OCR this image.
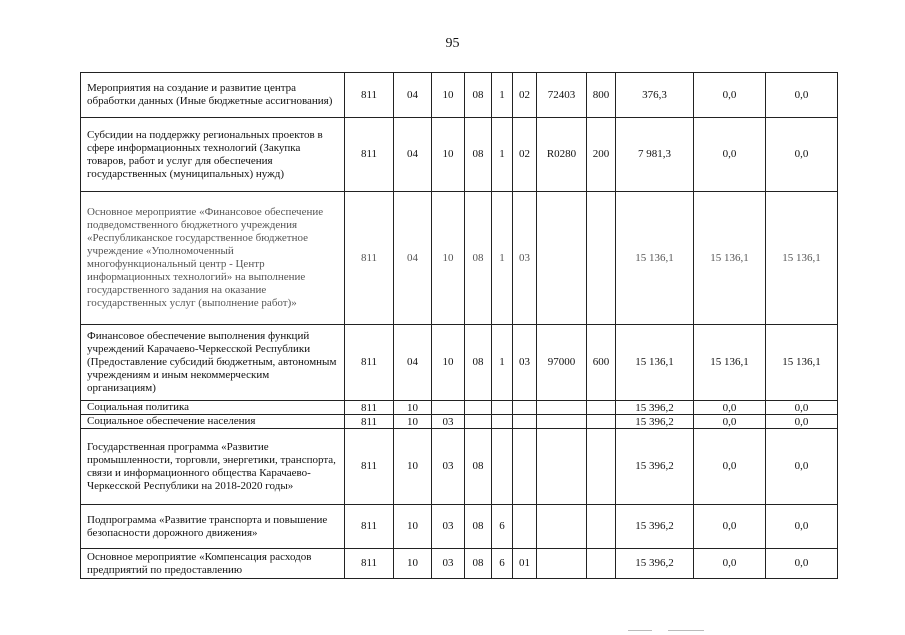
95
Мероприятия на создание и развитие центра обработки данных (Иные бюджетные ассигнования)	811	04	10	08	1	02	72403	800	376,3	0,0	0,0
Субсидии на поддержку региональных проектов в сфере информационных технологий (Закупка товаров, работ и услуг для обеспечения государственных (муниципальных) нужд)	811	04	10	08	1	02	R0280	200	7 981,3	0,0	0,0
Основное мероприятие «Финансовое обеспечение подведомственного бюджетного учреждения «Республиканское государственное бюджетное учреждение «Уполномоченный многофункциональный центр - Центр информационных технологий» на выполнение государственного задания на оказание государственных услуг (выполнение работ)»	811	04	10	08	1	03			15 136,1	15 136,1	15 136,1
Финансовое обеспечение выполнения функций учреждений Карачаево-Черкесской Республики (Предоставление субсидий бюджетным, автономным учреждениям и иным некоммерческим организациям)	811	04	10	08	1	03	97000	600	15 136,1	15 136,1	15 136,1
Социальная политика	811	10							15 396,2	0,0	0,0
Социальное обеспечение населения	811	10	03						15 396,2	0,0	0,0
Государственная программа «Развитие промышленности, торговли, энергетики, транспорта, связи и информационного общества Карачаево-Черкесской Республики на 2018-2020 годы»	811	10	03	08					15 396,2	0,0	0,0
Подпрограмма «Развитие транспорта и повышение безопасности дорожного движения»	811	10	03	08	6				15 396,2	0,0	0,0
Основное мероприятие «Компенсация расходов предприятий по предоставлению	811	10	03	08	6	01			15 396,2	0,0	0,0
